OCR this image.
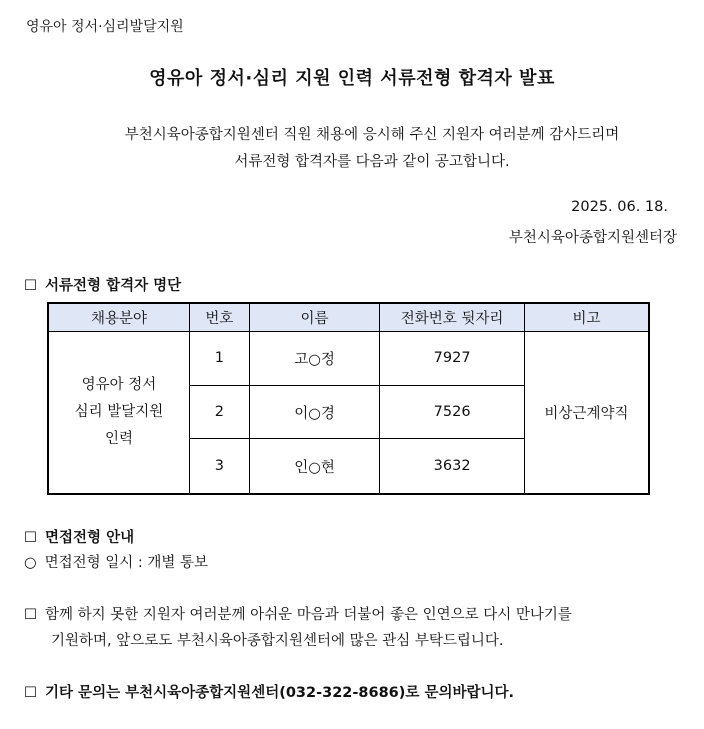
영유아 정서·심리발달지원
영유아 정서·심리 지원 인력 서류전형 합격자 발표
부천시육아종합지원센터 직원 채용에 응시해 주신 지원자 여러분께 감사드리며
서류전형 합격자를 다음과 같이 공고합니다.
2025. 06. 18.
부천시육아종합지원센터장
☐ 서류전형 합격자 명단
채용분야	번호	이름	전화번호 뒷자리	비고

영유아 정서
심리 발달지원
인력	1	고○정	7927	비상근계약직
	2	이○경	7526	
	3	인○현	3632	
☐ 면접전형 안내
○ 면접전형 일시 : 개별 통보
☐ 함께 하지 못한 지원자 여러분께 아쉬운 마음과 더불어 좋은 인연으로 다시 만나기를
기원하며, 앞으로도 부천시육아종합지원센터에 많은 관심 부탁드립니다.
☐ 기타 문의는 부천시육아종합지원센터(032-322-8686)로 문의바랍니다.
